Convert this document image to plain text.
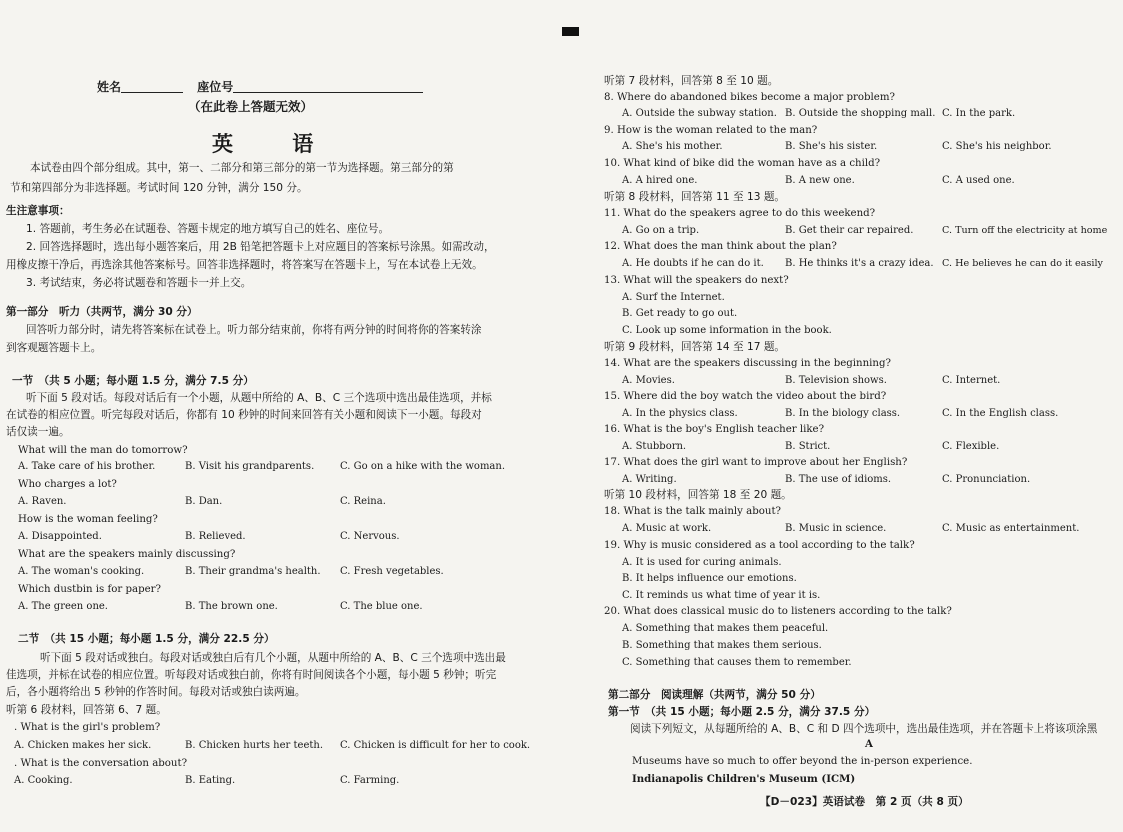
姓名	座位号
（在此卷上答题无效）
英 语
本试卷由四个部分组成。其中，第一、二部分和第三部分的第一节为选择题。第三部分的第
节和第四部分为非选择题。考试时间 120 分钟，满分 150 分。
生注意事项：
1. 答题前，考生务必在试题卷、答题卡规定的地方填写自己的姓名、座位号。
2. 回答选择题时，选出每小题答案后，用 2B 铅笔把答题卡上对应题目的答案标号涂黑。如需改动，
用橡皮擦干净后，再选涂其他答案标号。回答非选择题时，将答案写在答题卡上，写在本试卷上无效。
3. 考试结束，务必将试题卷和答题卡一并上交。
第一部分　听力（共两节，满分 30 分）
回答听力部分时，请先将答案标在试卷上。听力部分结束前，你将有两分钟的时间将你的答案转涂
到客观题答题卡上。
一节　（共 5 小题；每小题 1.5 分，满分 7.5 分）
听下面 5 段对话。每段对话后有一个小题，从题中所给的 A、B、C 三个选项中选出最佳选项，并标
在试卷的相应位置。听完每段对话后，你都有 10 秒钟的时间来回答有关小题和阅读下一小题。每段对
话仅读一遍。
What will the man do tomorrow?
A. Take care of his brother.	B. Visit his grandparents.	C. Go on a hike with the woman.
Who charges a lot?
A. Raven.	B. Dan.	C. Reina.
How is the woman feeling?
A. Disappointed.	B. Relieved.	C. Nervous.
What are the speakers mainly discussing?
A. The woman's cooking.	B. Their grandma's health. C. Fresh vegetables.
Which dustbin is for paper?
A. The green one.	B. The brown one.	C. The blue one.
二节　（共 15 小题；每小题 1.5 分，满分 22.5 分）
听下面 5 段对话或独白。每段对话或独白后有几个小题，从题中所给的 A、B、C 三个选项中选出最
佳选项，并标在试卷的相应位置。听每段对话或独白前，你将有时间阅读各个小题，每小题 5 秒钟；听完
后，各小题将给出 5 秒钟的作答时间。每段对话或独白读两遍。
听第 6 段材料，回答第 6、7 题。
. What is the girl's problem?
A. Chicken makes her sick.	B. Chicken hurts her teeth. C. Chicken is difficult for her to cook.
. What is the conversation about?
A. Cooking.	B. Eating.	C. Farming.
听第 7 段材料，回答第 8 至 10 题。
8. Where do abandoned bikes become a major problem?
A. Outside the subway station. B. Outside the shopping mall. C. In the park.
9. How is the woman related to the man?
A. She's his mother.	B. She's his sister.	C. She's his neighbor.
10. What kind of bike did the woman have as a child?
A. A hired one.	B. A new one.	C. A used one.
听第 8 段材料，回答第 11 至 13 题。
11. What do the speakers agree to do this weekend?
A. Go on a trip.	B. Get their car repaired.	C. Turn off the electricity at home
12. What does the man think about the plan?
A. He doubts if he can do it. B. He thinks it's a crazy idea. C. He believes he can do it easily
13. What will the speakers do next?
A. Surf the Internet.
B. Get ready to go out.
C. Look up some information in the book.
听第 9 段材料，回答第 14 至 17 题。
14. What are the speakers discussing in the beginning?
A. Movies.	B. Television shows.	C. Internet.
15. Where did the boy watch the video about the bird?
A. In the physics class.	B. In the biology class.	C. In the English class.
16. What is the boy's English teacher like?
A. Stubborn.	B. Strict.	C. Flexible.
17. What does the girl want to improve about her English?
A. Writing.	B. The use of idioms.	C. Pronunciation.
听第 10 段材料，回答第 18 至 20 题。
18. What is the talk mainly about?
A. Music at work.	B. Music in science.	C. Music as entertainment.
19. Why is music considered as a tool according to the talk?
A. It is used for curing animals.
B. It helps influence our emotions.
C. It reminds us what time of year it is.
20. What does classical music do to listeners according to the talk?
A. Something that makes them peaceful.
B. Something that makes them serious.
C. Something that causes them to remember.
第二部分　阅读理解（共两节，满分 50 分）
第一节　（共 15 小题；每小题 2.5 分，满分 37.5 分）
阅读下列短文，从每题所给的 A、B、C 和 D 四个选项中，选出最佳选项，并在答题卡上将该项涂黑
A
Museums have so much to offer beyond the in-person experience.
Indianapolis Children's Museum (ICM)
【D－023】英语试卷　第 2 页（共 8 页）
